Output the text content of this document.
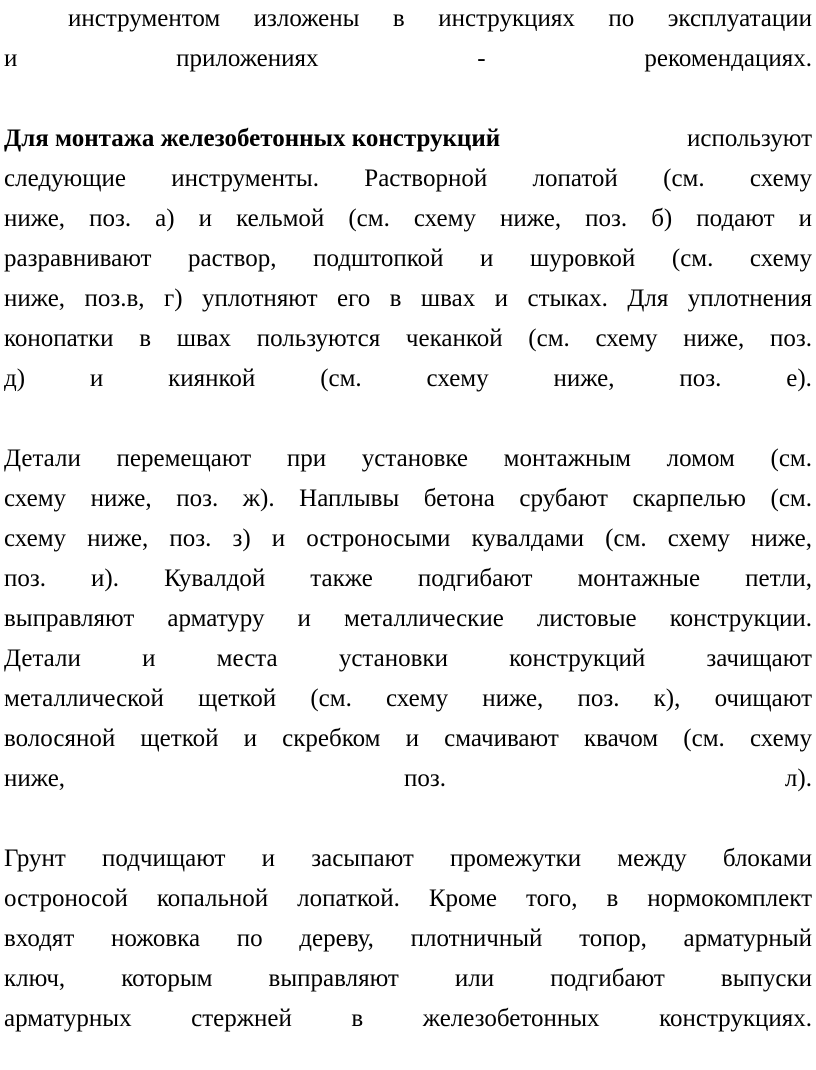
инструментом изложены в инструкциях по эксплуатации
и	приложениях	-	рекомендациях.
Для монтажа железобетонных конструкций	используют
следующие инструменты. Растворной лопатой (см. схему
ниже, поз. а) и кельмой (см. схему ниже, поз. б) подают и
разравнивают раствор, подштопкой и шуровкой (см. схему
ниже, поз.в, г) уплотняют его в швах и стыках. Для уплотнения
конопатки в швах пользуются чеканкой (см. схему ниже, поз.
д)	и	киянкой	(см.	схему	ниже,	поз.	е).
Детали перемещают при установке монтажным ломом (см.
схему ниже, поз. ж). Наплывы бетона срубают скарпелью (см.
схему ниже, поз. з) и остроносыми кувалдами (см. схему ниже,
поз. и). Кувалдой также подгибают монтажные петли,
выправляют арматуру и металлические листовые конструкции.
Детали и места установки конструкций зачищают
металлической щеткой (см. схему ниже, поз. к), очищают
волосяной щеткой и скребком и смачивают квачом (см. схему
ниже,	поз.	л).
Грунт подчищают и засыпают промежутки между блоками
остроносой копальной лопаткой. Кроме того, в нормокомплект
входят ножовка по дереву, плотничный топор, арматурный
ключ, которым выправляют или подгибают выпуски
арматурных стержней в железобетонных конструкциях.
